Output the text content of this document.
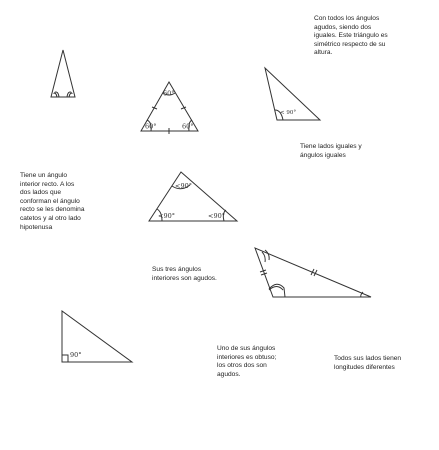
60°
60°	60°
< 90°
<90°
<90°	<90°
90°
Con todos los ángulos
agudos, siendo dos
iguales. Este triángulo es
simétrico respecto de su
altura.
Tiene lados iguales y
ángulos iguales
Tiene un ángulo
interior recto. A los
dos lados que
conforman el ángulo
recto se les denomina
catetos y al otro lado
hipotenusa
Sus tres ángulos
interiores son agudos.
Uno de sus ángulos
interiores es obtuso;
los otros dos son
agudos.
Todos sus lados tienen
longitudes diferentes
